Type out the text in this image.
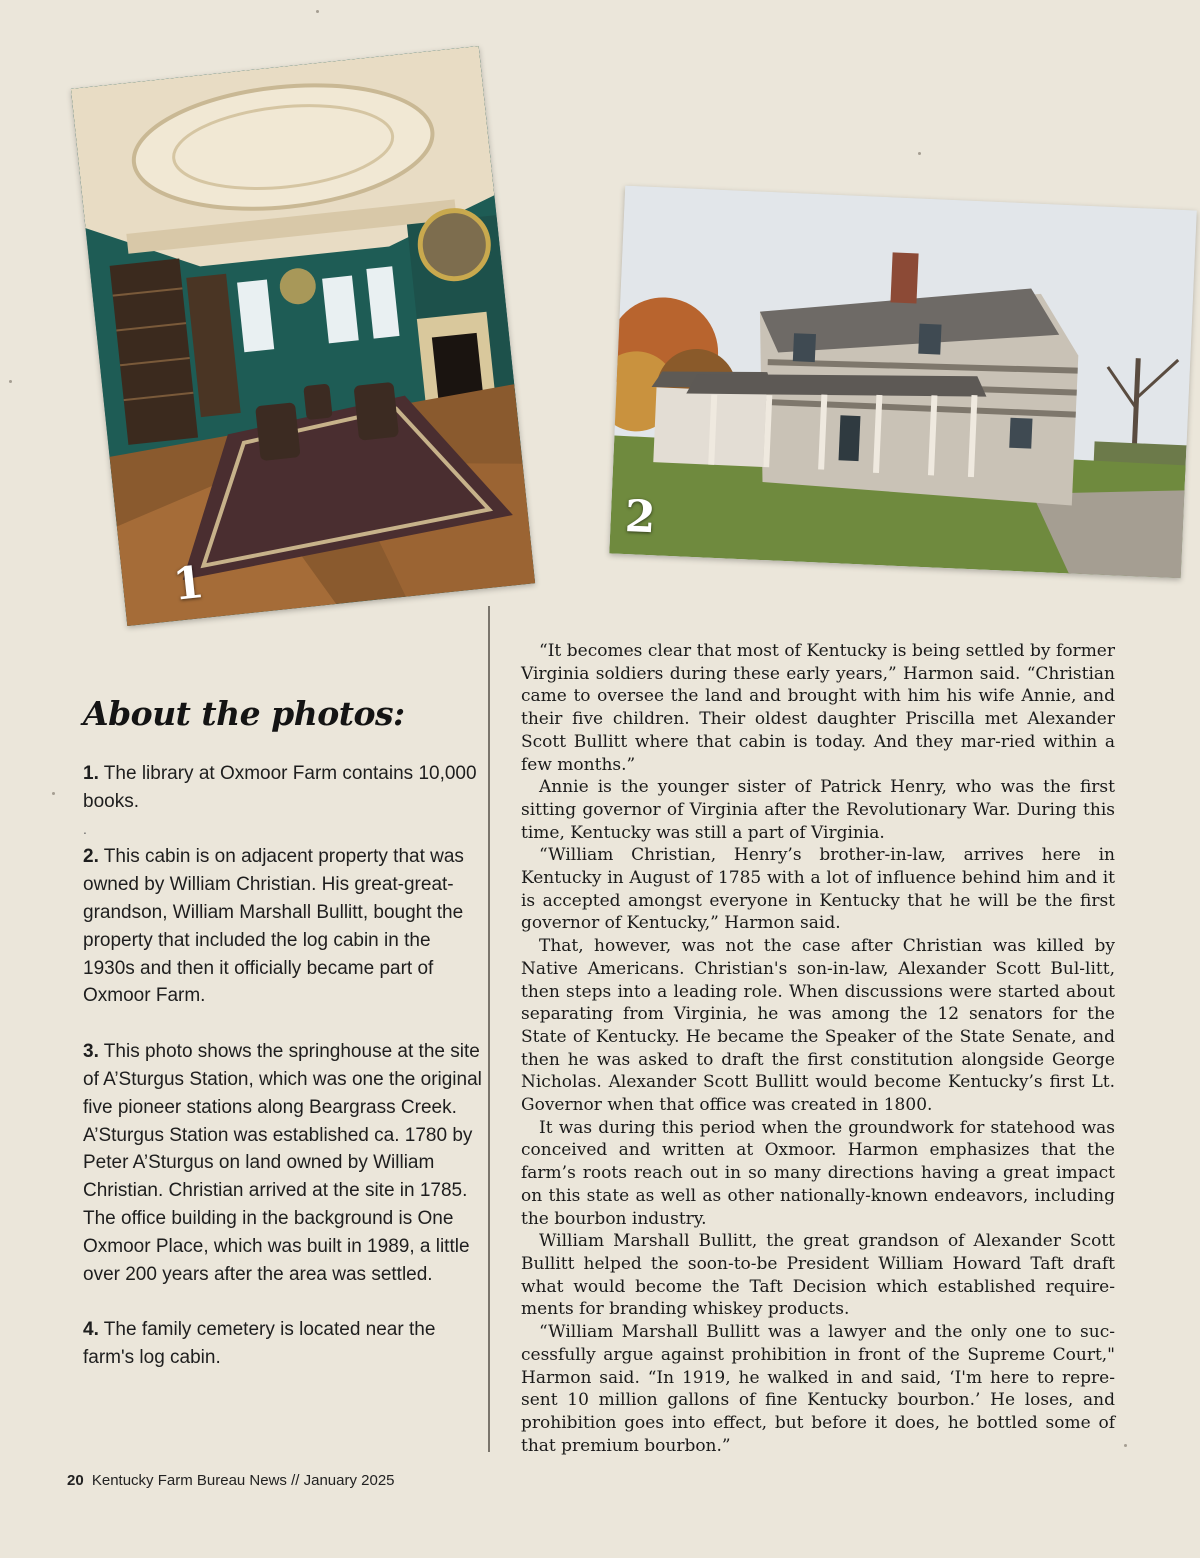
1
2
About the photos:

1. The library at Oxmoor Farm contains 10,000 books.

.

2. This cabin is on adjacent property that was owned by William Christian. His great-great-grandson, William Marshall Bullitt, bought the property that included the log cabin in the 1930s and then it officially became part of Oxmoor Farm.

3. This photo shows the springhouse at the site of A’Sturgus Station, which was one the original five pioneer stations along Beargrass Creek. A’Sturgus Station was established ca. 1780 by Peter A’Sturgus on land owned by William Christian. Christian arrived at the site in 1785. The office building in the background is One Oxmoor Place, which was built in 1989, a little over 200 years after the area was settled.

4. The family cemetery is located near the farm's log cabin.

“It becomes clear that most of Kentucky is being settled by former Virginia soldiers during these early years,” Harmon said. “Christian came to oversee the land and brought with him his wife Annie, and their five children. Their oldest daughter Priscilla met Alexander Scott Bullitt where that cabin is today. And they mar-ried within a few months.”

Annie is the younger sister of Patrick Henry, who was the first sitting governor of Virginia after the Revolutionary War. During this time, Kentucky was still a part of Virginia.

“William Christian, Henry’s brother-in-law, arrives here in Kentucky in August of 1785 with a lot of influence behind him and it is accepted amongst everyone in Kentucky that he will be the first governor of Kentucky,” Harmon said.

That, however, was not the case after Christian was killed by Native Americans. Christian's son-in-law, Alexander Scott Bul-litt, then steps into a leading role. When discussions were started about separating from Virginia, he was among the 12 senators for the State of Kentucky. He became the Speaker of the State Senate, and then he was asked to draft the first constitution alongside George Nicholas. Alexander Scott Bullitt would become Kentucky’s first Lt. Governor when that office was created in 1800.

It was during this period when the groundwork for statehood was conceived and written at Oxmoor. Harmon emphasizes that the farm’s roots reach out in so many directions having a great impact on this state as well as other nationally-known endeavors, including the bourbon industry.

William Marshall Bullitt, the great grandson of Alexander Scott Bullitt helped the soon-to-be President William Howard Taft draft what would become the Taft Decision which established require-ments for branding whiskey products.

“William Marshall Bullitt was a lawyer and the only one to suc-cessfully argue against prohibition in front of the Supreme Court," Harmon said. “In 1919, he walked in and said, ‘I'm here to repre-sent 10 million gallons of fine Kentucky bourbon.’ He loses, and prohibition goes into effect, but before it does, he bottled some of that premium bourbon.”

20 Kentucky Farm Bureau News // January 2025
